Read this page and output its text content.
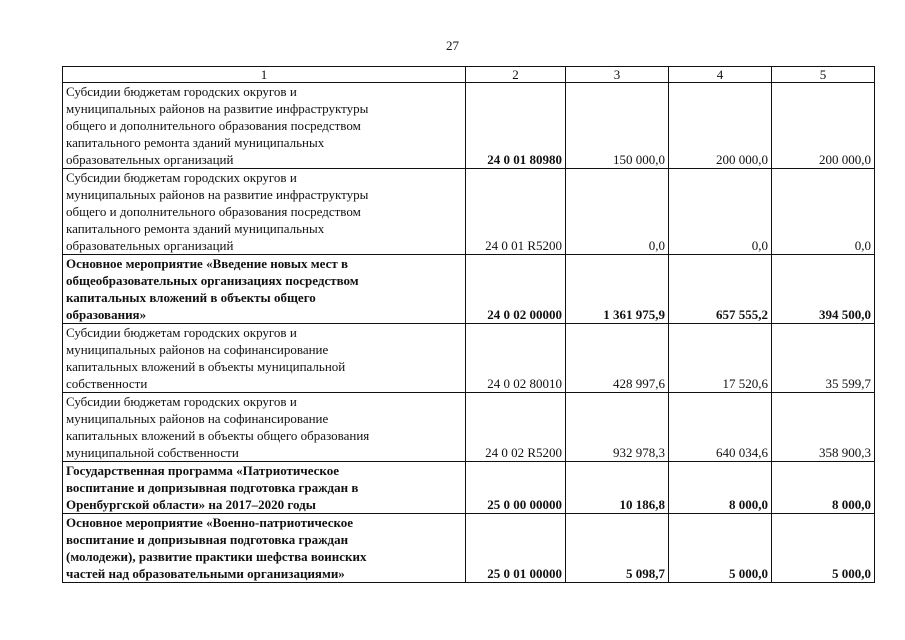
27
1	2	3	4	5

Субсидии бюджетам городских округов и
муниципальных районов на развитие инфраструктуры
общего и дополнительного образования посредством
капитального ремонта зданий муниципальных
образовательных организаций	24 0 01 80980	150 000,0	200 000,0	200 000,0

Субсидии бюджетам городских округов и
муниципальных районов на развитие инфраструктуры
общего и дополнительного образования посредством
капитального ремонта зданий муниципальных
образовательных организаций	24 0 01 R5200	0,0	0,0	0,0

Основное мероприятие «Введение новых мест в
общеобразовательных организациях посредством
капитальных вложений в объекты общего
образования»	24 0 02 00000	1 361 975,9	657 555,2	394 500,0

Субсидии бюджетам городских округов и
муниципальных районов на софинансирование
капитальных вложений в объекты муниципальной
собственности	24 0 02 80010	428 997,6	17 520,6	35 599,7

Субсидии бюджетам городских округов и
муниципальных районов на софинансирование
капитальных вложений в объекты общего образования
муниципальной собственности	24 0 02 R5200	932 978,3	640 034,6	358 900,3

Государственная программа «Патриотическое
воспитание и допризывная подготовка граждан в
Оренбургской области» на 2017–2020 годы	25 0 00 00000	10 186,8	8 000,0	8 000,0

Основное мероприятие «Военно-патриотическое
воспитание и допризывная подготовка граждан
(молодежи), развитие практики шефства воинских
частей над образовательными организациями»	25 0 01 00000	5 098,7	5 000,0	5 000,0
